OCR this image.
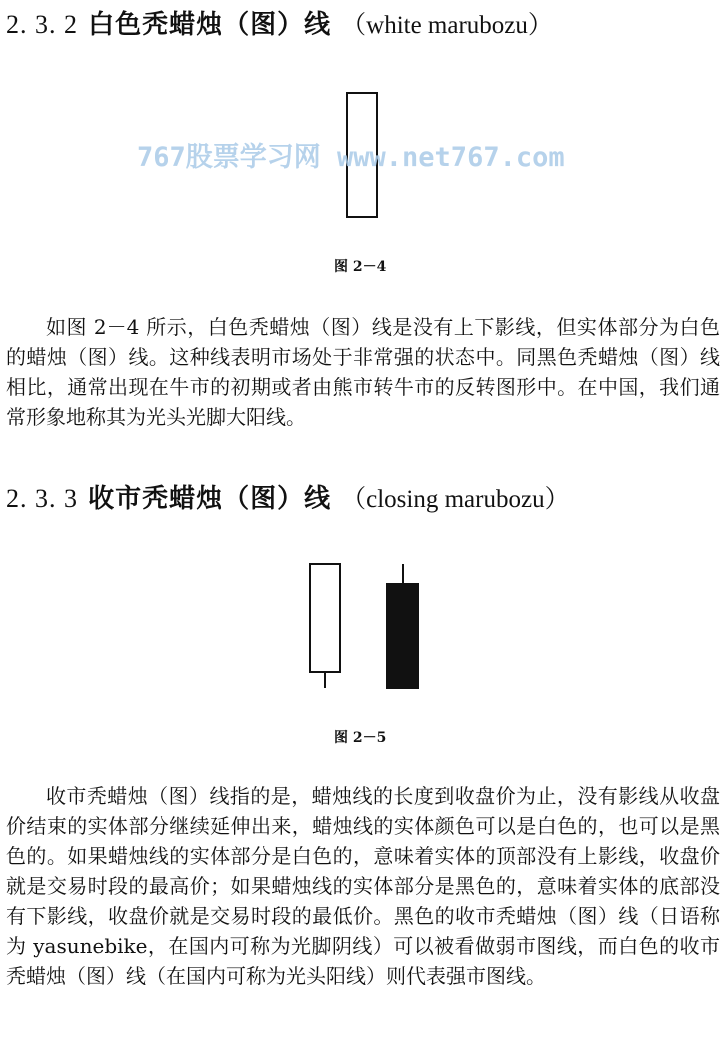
2. 3. 2 白色秃蜡烛（图）线 （white marubozu）
767股票学习网 www.net767.com
图 2－4

如图 2－4 所示，白色秃蜡烛（图）线是没有上下影线，但实体部分为白色的蜡烛（图）线。这种线表明市场处于非常强的状态中。同黑色秃蜡烛（图）线相比，通常出现在牛市的初期或者由熊市转牛市的反转图形中。在中国，我们通常形象地称其为光头光脚大阳线。

2. 3. 3 收市秃蜡烛（图）线 （closing marubozu）
图 2－5

收市秃蜡烛（图）线指的是，蜡烛线的长度到收盘价为止，没有影线从收盘价结束的实体部分继续延伸出来，蜡烛线的实体颜色可以是白色的，也可以是黑色的。如果蜡烛线的实体部分是白色的，意味着实体的顶部没有上影线，收盘价就是交易时段的最高价；如果蜡烛线的实体部分是黑色的，意味着实体的底部没有下影线，收盘价就是交易时段的最低价。黑色的收市秃蜡烛（图）线（日语称为 yasunebike，在国内可称为光脚阴线）可以被看做弱市图线，而白色的收市秃蜡烛（图）线（在国内可称为光头阳线）则代表强市图线。
